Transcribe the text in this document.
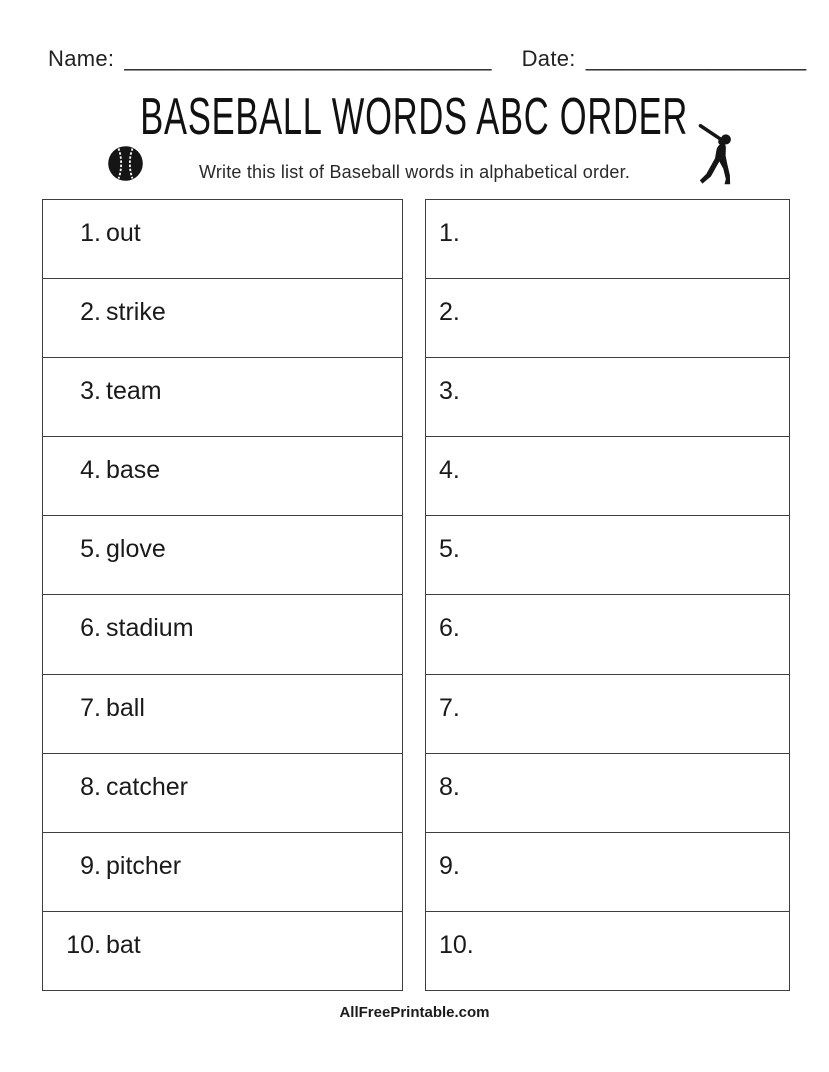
Name: ______________________________ Date: __________________
BASEBALL WORDS ABC ORDER
Write this list of Baseball words in alphabetical order.
1. out
2. strike
3. team
4. base
5. glove
6. stadium
7. ball
8. catcher
9. pitcher
10. bat
1.
2.
3.
4.
5.
6.
7.
8.
9.
10.
AllFreePrintable.com
